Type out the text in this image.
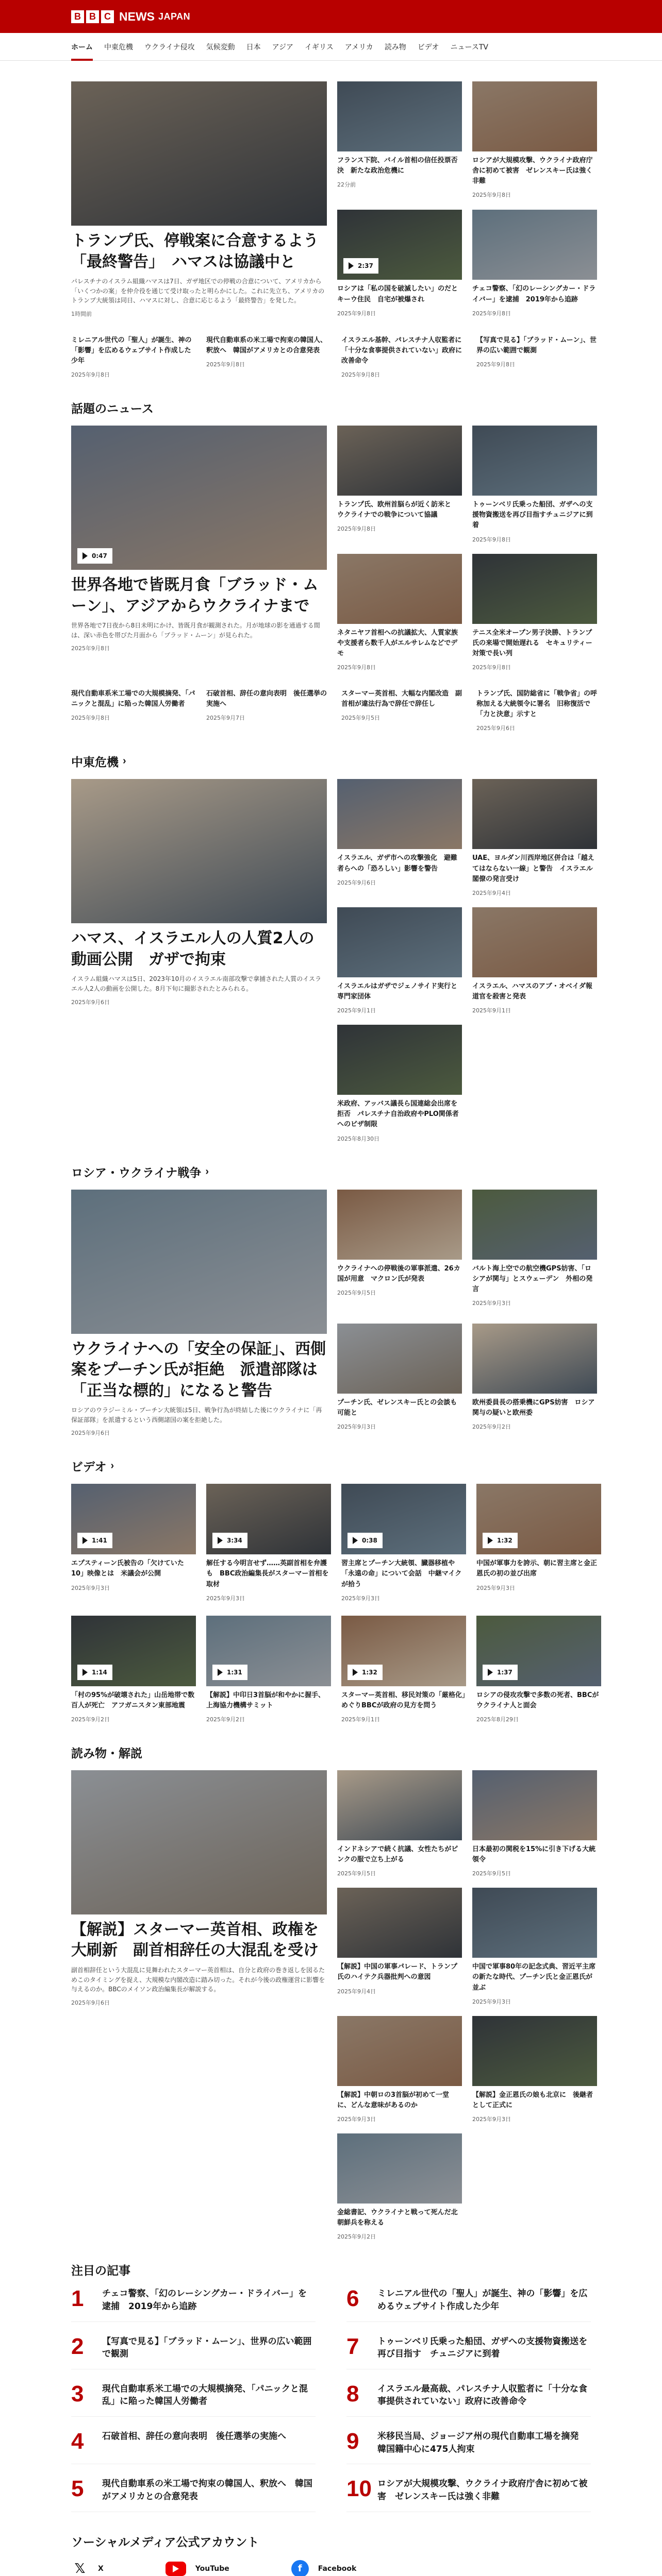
B B C NEWS JAPAN
ホーム 中東危機 ウクライナ侵攻 気候変動 日本 アジア イギリス アメリカ 読み物 ビデオ ニュースTV
トランプ氏、停戦案に合意するよう「最終警告」　ハマスは協議中と
パレスチナのイスラム組織ハマスは7日、ガザ地区での停戦の合意について、アメリカから「いくつかの案」を仲介役を通じて受け取ったと明らかにした。これに先立ち、アメリカのトランプ大統領は同日、ハマスに対し、合意に応じるよう「最終警告」を発した。
1時間前
フランス下院、バイル首相の信任投票否決　新たな政治危機に
22分前
ロシアが大規模攻撃、ウクライナ政府庁舎に初めて被害　ゼレンスキー氏は強く非難
2025年9月8日
2:37
ロシアは「私の国を破滅したい」のだとキーウ住民　自宅が被爆され
2025年9月8日
チェコ警察、「幻のレーシングカー・ドライバー」を逮捕　2019年から追跡
2025年9月8日
ミレニアル世代の「聖人」が誕生、神の「影響」を広めるウェブサイト作成した少年
2025年9月8日
現代自動車系の米工場で拘束の韓国人、釈放へ　韓国がアメリカとの合意発表
2025年9月8日
イスラエル基幹、パレスチナ人収監者に「十分な食事提供されていない」政府に改善命令
2025年9月8日
【写真で見る】「ブラッド・ムーン」、世界の広い範囲で観測
2025年9月8日
話題のニュース
0:47
世界各地で皆既月食「ブラッド・ムーン」、アジアからウクライナまで
世界各地で7日夜から8日未明にかけ、皆既月食が観測された。月が地球の影を通過する間は、深い赤色を帯びた月面から「ブラッド・ムーン」が見られた。
2025年9月8日
トランプ氏、欧州首脳らが近く訪米と　ウクライナでの戦争について協議
2025年9月8日
トゥーンベリ氏乗った船団、ガザへの支援物資搬送を再び目指すチュニジアに到着
2025年9月8日
ネタニヤフ首相への抗議拡大、人質家族や支援者ら数千人がエルサレムなどでデモ
2025年9月8日
テニス全米オープン男子決勝、トランプ氏の来場で開始遅れる　セキュリティー対策で長い列
2025年9月8日
現代自動車系米工場での大規模摘発、「パニックと混乱」に陥った韓国人労働者
2025年9月8日
石破首相、辞任の意向表明　後任選挙の実施へ
2025年9月7日
スターマー英首相、大幅な内閣改造　副首相が違法行為で辞任で辞任し
2025年9月5日
トランプ氏、国防総省に「戦争省」の呼称加える大統領令に署名　旧称復活で「力と決意」示すと
2025年9月6日
中東危機 ›
ハマス、イスラエル人の人質2人の動画公開　ガザで拘束
イスラム組織ハマスは5日、2023年10月のイスラエル南部攻撃で拿捕された人質のイスラエル人2人の動画を公開した。8月下旬に撮影されたとみられる。
2025年9月6日
イスラエル、ガザ市への攻撃強化　避難者らへの「恐ろしい」影響を警告
2025年9月6日
UAE、ヨルダン川西岸地区併合は「越えてはならない一線」と警告　イスラエル閣僚の発言受け
2025年9月4日
イスラエルはガザでジェノサイド実行と専門家団体
2025年9月1日
イスラエル、ハマスのアブ・オベイダ報道官を殺害と発表
2025年9月1日
米政府、アッバス議長ら国連総会出席を拒否　パレスチナ自治政府やPLO関係者へのビザ制限
2025年8月30日
ロシア・ウクライナ戦争 ›
ウクライナへの「安全の保証」、西側案をプーチン氏が拒絶　派遣部隊は「正当な標的」になると警告
ロシアのウラジーミル・プーチン大統領は5日、戦争行為が終結した後にウクライナに「再保証部隊」を派遣するという西側諸国の案を拒絶した。
2025年9月6日
ウクライナへの停戦後の軍事派遣、26カ国が用意　マクロン氏が発表
2025年9月5日
バルト海上空での航空機GPS妨害、「ロシアが関与」とスウェーデン　外相の発言
2025年9月3日
プーチン氏、ゼレンスキー氏との会談も可能と
2025年9月3日
欧州委員長の搭乗機にGPS妨害　ロシア関与の疑いと欧州委
2025年9月2日
ビデオ ›
1:41
エプスティーン氏被告の「欠けていた10」映像とは　米議会が公開
2025年9月3日
3:34
解任する今明言せず……英副首相を弁護も　BBC政治編集長がスターマー首相を取材
2025年9月3日
0:38
習主席とプーチン大統領、臓器移植や「永遠の命」について会話　中継マイクが拾う
2025年9月3日
1:32
中国が軍事力を誇示、朝に習主席と金正恩氏の初の並び出席
2025年9月3日
1:14
「村の95%が破壊された」山岳地帯で数百人が死亡　アフガニスタン東部地震
2025年9月2日
1:31
【解説】中印日3首脳が和やかに握手、上海協力機構サミット
2025年9月2日
1:32
スターマー英首相、移民対策の「厳格化」めぐりBBCが政府の見方を問う
2025年9月1日
1:37
ロシアの侵攻攻撃で多数の死者、BBCがウクライナ人と面会
2025年8月29日
読み物・解説
【解説】スターマー英首相、政権を大刷新　副首相辞任の大混乱を受け
副首相辞任という大混乱に見舞われたスターマー英首相は、自分と政府の巻き返しを図るためこのタイミングを捉え、大規模な内閣改造に踏み切った。それが今後の政権運営に影響を与えるのか。BBCのメイソン政治編集長が解説する。
2025年9月6日
インドネシアで続く抗議、女性たちがピンクの服で立ち上がる
2025年9月5日
日本最初の関税を15%に引き下げる大統領令
2025年9月5日
【解説】中国の軍事パレード、トランプ氏のハイテク兵器批判への意図
2025年9月4日
中国で軍事80年の記念式典、習近平主席の新たな時代、プーチン氏と金正恩氏が並ぶ
2025年9月3日
【解説】中朝ロの3首脳が初めて一堂に、どんな意味があるのか
2025年9月3日
【解説】金正恩氏の娘も北京に　後継者として正式に
2025年9月3日
金総書記、ウクライナと戦って死んだ北朝鮮兵を称える
2025年9月2日
注目の記事
1	チェコ警察、「幻のレーシングカー・ドライバー」を逮捕　2019年から追跡	6	ミレニアル世代の「聖人」が誕生、神の「影響」を広めるウェブサイト作成した少年
2	【写真で見る】「ブラッド・ムーン」、世界の広い範囲で観測	7	トゥーンベリ氏乗った船団、ガザへの支援物資搬送を再び目指す　チュニジアに到着
3	現代自動車系米工場での大規模摘発、「パニックと混乱」に陥った韓国人労働者	8	イスラエル最高裁、パレスチナ人収監者に「十分な食事提供されていない」政府に改善命令
4	石破首相、辞任の意向表明　後任選挙の実施へ	9	米移民当局、ジョージア州の現代自動車工場を摘発　韓国籍中心に475人拘束
5	現代自動車系の米工場で拘束の韓国人、釈放へ　韓国がアメリカとの合意発表	10 ロシアが大規模攻撃、ウクライナ政府庁舎に初めて被害　ゼレンスキー氏は強く非難
ソーシャルメディア公式アカウント
𝕏	X	YouTube	f	Facebook
